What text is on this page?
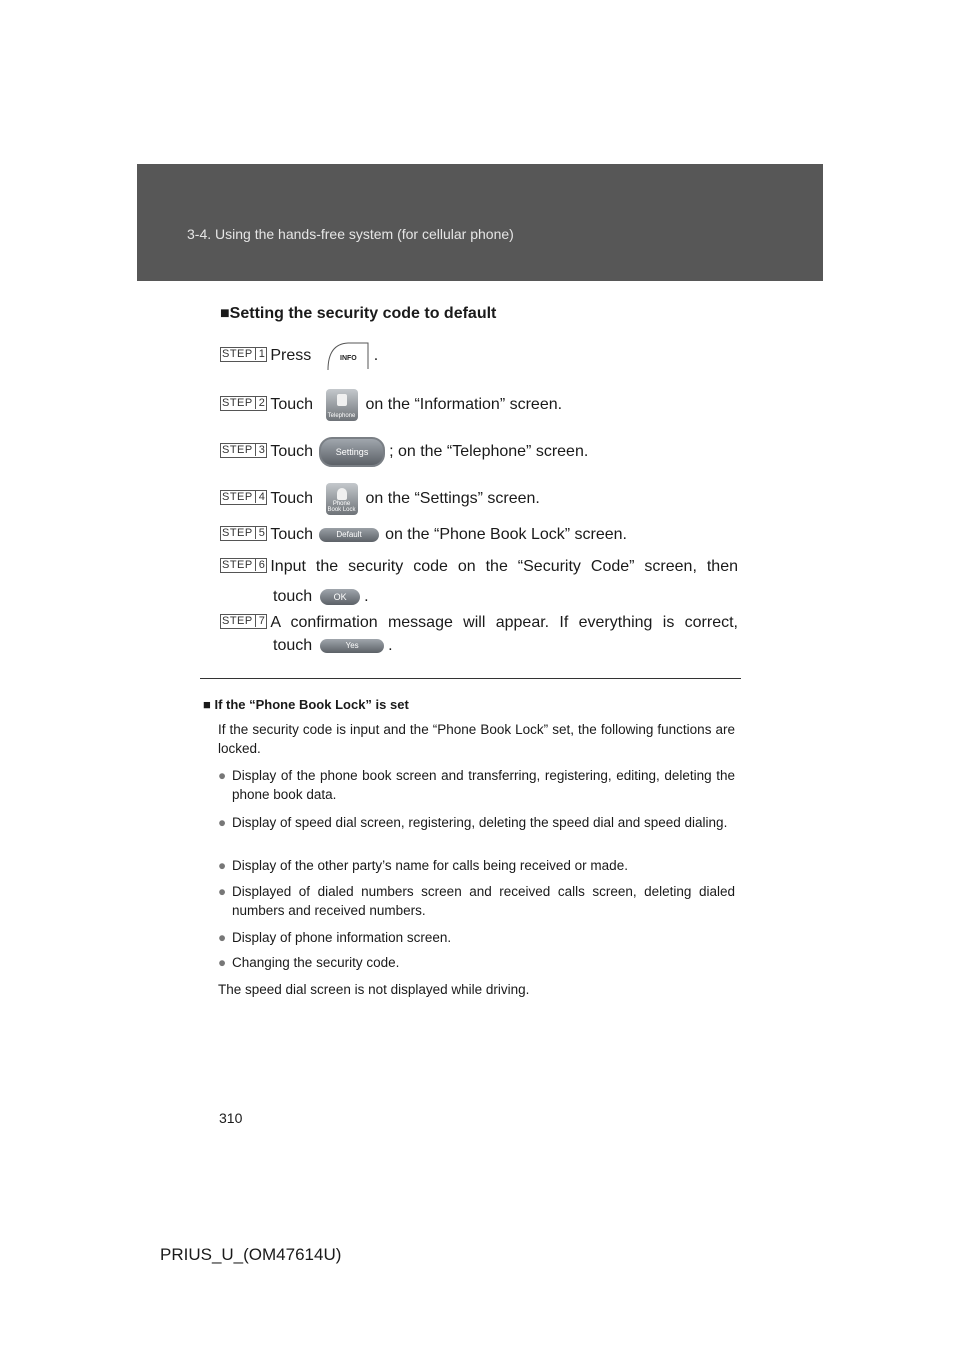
3-4. Using the hands-free system (for cellular phone)
■Setting the security code to default
STEP 1 Press	INFO .
STEP 2 Touch
Telephone
on the “Information” screen.
STEP 3 Touch	Settings ; on the “Telephone” screen.
STEP 4 Touch	Phone Book Lock
on the “Settings” screen.
STEP 5 Touch	Default on the “Phone Book Lock” screen.
STEP 6 Input the security code on the “Security Code” screen, then
touch OK .
STEP 7 A confirmation message will appear. If everything is correct,
touch	Yes .
■ If the “Phone Book Lock” is set
If the security code is input and the “Phone Book Lock” set, the following functions are locked.
● Display of the phone book screen and transferring, registering, editing, deleting the phone book data.
● Display of speed dial screen, registering, deleting the speed dial and speed dialing.
● Display of the other party’s name for calls being received or made.
● Displayed of dialed numbers screen and received calls screen, deleting dialed numbers and received numbers.
● Display of phone information screen.
● Changing the security code.
The speed dial screen is not displayed while driving.
310
PRIUS_U_(OM47614U)
